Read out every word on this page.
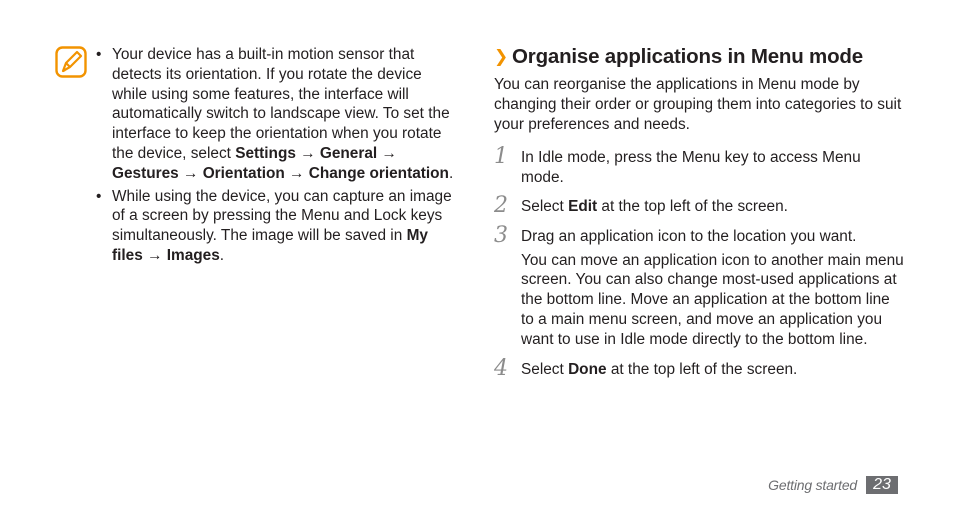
• Your device has a built-in motion sensor that detects its orientation. If you rotate the device while using some features, the interface will automatically switch to landscape view. To set the interface to keep the orientation when you rotate the device, select Settings → General → Gestures → Orientation → Change orientation.
• While using the device, you can capture an image of a screen by pressing the Menu and Lock keys simultaneously. The image will be saved in My files → Images.
❯ Organise applications in Menu mode
You can reorganise the applications in Menu mode by changing their order or grouping them into categories to suit your preferences and needs.
1 In Idle mode, press the Menu key to access Menu mode.
2 Select Edit at the top left of the screen.
3 Drag an application icon to the location you want.
You can move an application icon to another main menu screen. You can also change most-used applications at the bottom line. Move an application at the bottom line to a main menu screen, and move an application you want to use in Idle mode directly to the bottom line.
4 Select Done at the top left of the screen.
Getting started	23
